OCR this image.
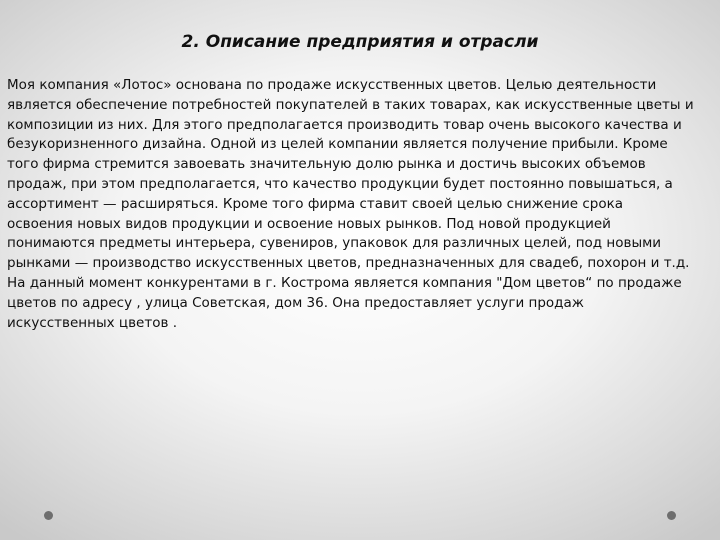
2. Описание предприятия и отрасли

Моя компания «Лотос» основана по продаже искусственных цветов. Целью деятельности
является обеспечение потребностей покупателей в таких товарах, как искусственные цветы и
композиции из них. Для этого предполагается производить товар очень высокого качества и
безукоризненного дизайна. Одной из целей компании является получение прибыли. Кроме
того фирма стремится завоевать значительную долю рынка и достичь высоких объемов
продаж, при этом предполагается, что качество продукции будет постоянно повышаться, а
ассортимент — расширяться. Кроме того фирма ставит своей целью снижение срока
освоения новых видов продукции и освоение новых рынков. Под новой продукцией
понимаются предметы интерьера, сувениров, упаковок для различных целей, под новыми
рынками — производство искусственных цветов, предназначенных для свадеб, похорон и т.д.
На данный момент конкурентами в г. Кострома является компания "Дом цветов“ по продаже
цветов по адресу , улица Советская, дом 36. Она предоставляет услуги продаж
искусственных цветов .
